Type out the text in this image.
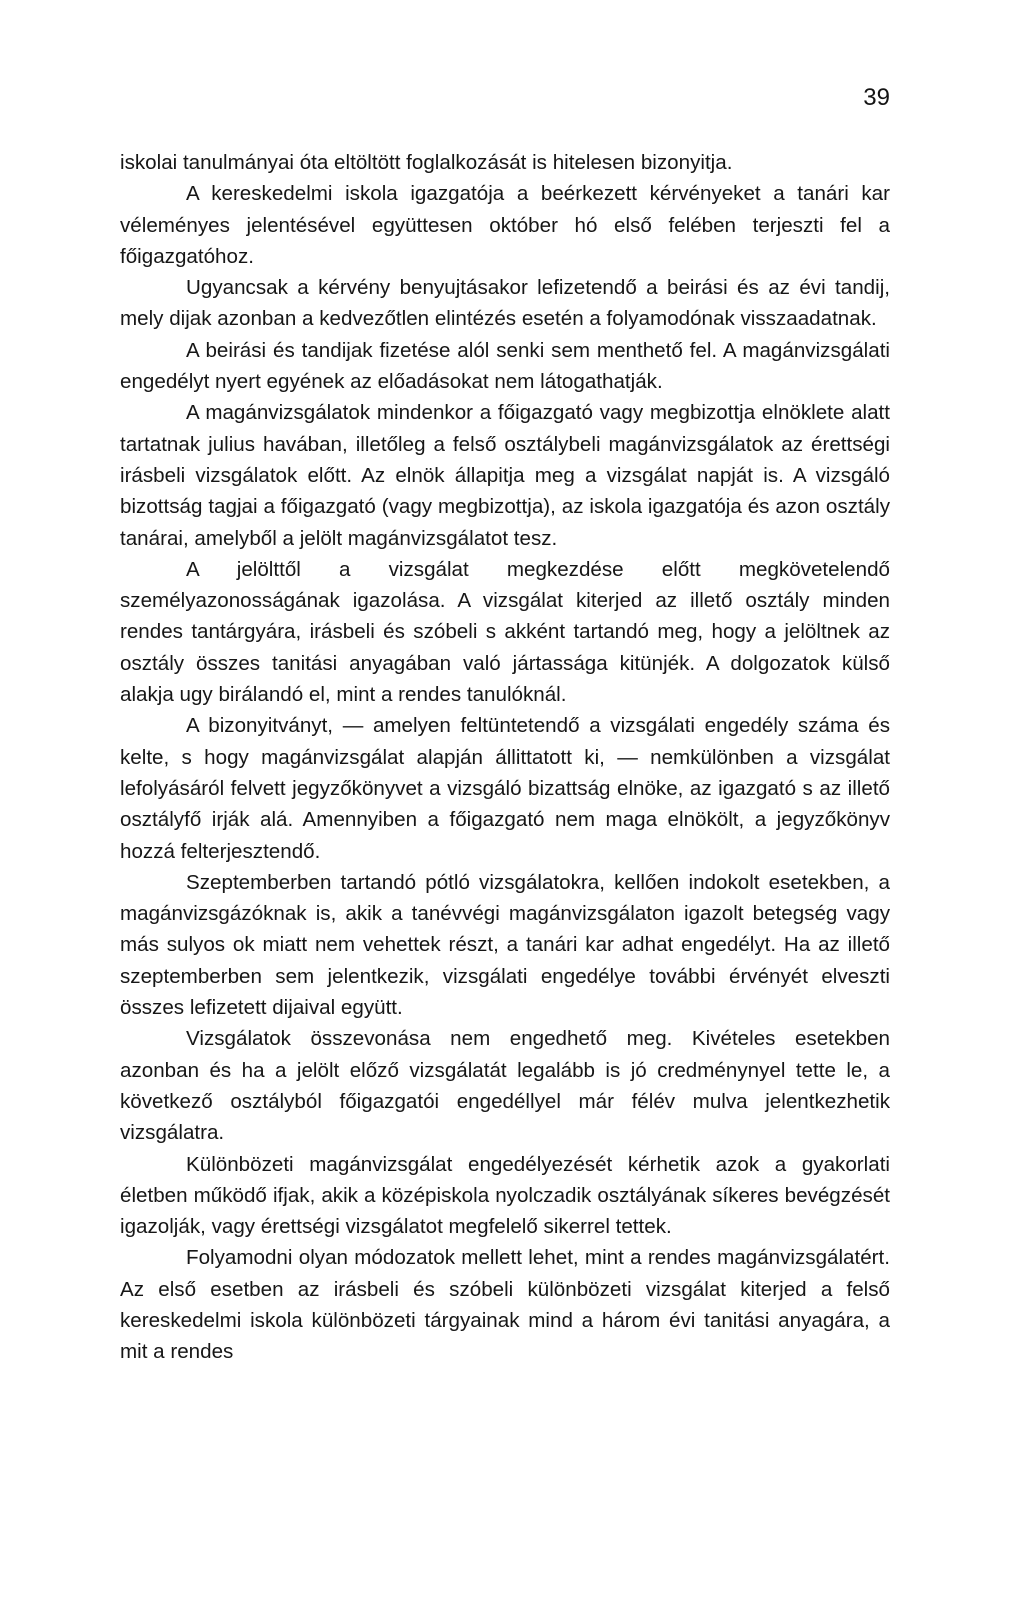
39

iskolai tanulmányai óta eltöltött foglalkozását is hitelesen bizonyitja.

A kereskedelmi iskola igazgatója a beérkezett kérvényeket a tanári kar véleményes jelentésével együttesen október hó első felében terjeszti fel a főigazgatóhoz.

Ugyancsak a kérvény benyujtásakor lefizetendő a beirási és az évi tandij, mely dijak azonban a kedvezőtlen elintézés esetén a folyamodónak visszaadatnak.

A beirási és tandijak fizetése alól senki sem menthető fel. A magánvizsgálati engedélyt nyert egyének az előadásokat nem látogathatják.

A magánvizsgálatok mindenkor a főigazgató vagy megbizottja elnöklete alatt tartatnak julius havában, illetőleg a felső osztálybeli magánvizsgálatok az érettségi irásbeli vizsgálatok előtt. Az elnök állapitja meg a vizsgálat napját is. A vizsgáló bizottság tagjai a főigazgató (vagy megbizottja), az iskola igazgatója és azon osztály tanárai, amelyből a jelölt magánvizsgálatot tesz.

A jelölttől a vizsgálat megkezdése előtt megkövetelendő személyazonosságának igazolása. A vizsgálat kiterjed az illető osztály minden rendes tantárgyára, irásbeli és szóbeli s akként tartandó meg, hogy a jelöltnek az osztály összes tanitási anyagában való jártassága kitünjék. A dolgozatok külső alakja ugy birálandó el, mint a rendes tanulóknál.

A bizonyitványt, — amelyen feltüntetendő a vizsgálati engedély száma és kelte, s hogy magánvizsgálat alapján állittatott ki, — nemkülönben a vizsgálat lefolyásáról felvett jegyzőkönyvet a vizsgáló bizattság elnöke, az igazgató s az illető osztályfő irják alá. Amennyiben a főigazgató nem maga elnökölt, a jegyzőkönyv hozzá felterjesztendő.

Szeptemberben tartandó pótló vizsgálatokra, kellően indokolt esetekben, a magánvizsgázóknak is, akik a tanévvégi magánvizsgálaton igazolt betegség vagy más sulyos ok miatt nem vehettek részt, a tanári kar adhat engedélyt. Ha az illető szeptemberben sem jelentkezik, vizsgálati engedélye további érvényét elveszti összes lefizetett dijaival együtt.

Vizsgálatok összevonása nem engedhető meg. Kivételes esetekben azonban és ha a jelölt előző vizsgálatát legalább is jó credménynyel tette le, a következő osztályból főigazgatói engedéllyel már félév mulva jelentkezhetik vizsgálatra.

Különbözeti magánvizsgálat engedélyezését kérhetik azok a gyakorlati életben működő ifjak, akik a középiskola nyolczadik osztályának síkeres bevégzését igazolják, vagy érettségi vizsgálatot megfelelő sikerrel tettek.

Folyamodni olyan módozatok mellett lehet, mint a rendes magánvizsgálatért. Az első esetben az irásbeli és szóbeli különbözeti vizsgálat kiterjed a felső kereskedelmi iskola különbözeti tárgyainak mind a három évi tanitási anyagára, a mit a rendes
